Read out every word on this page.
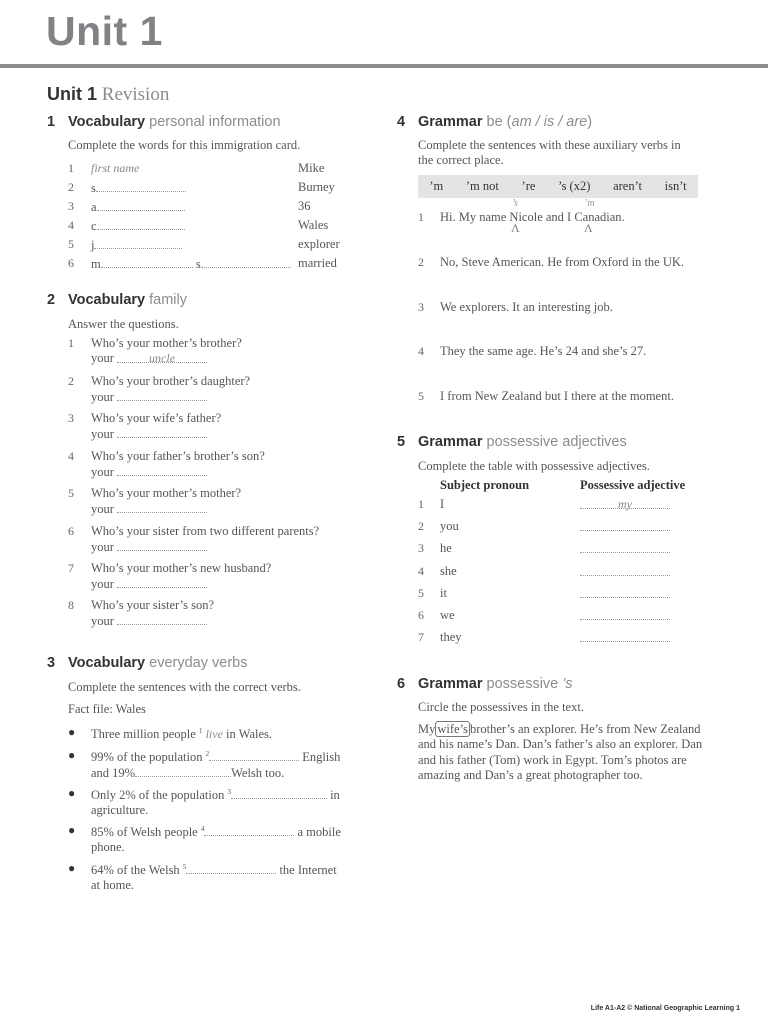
Unit 1
Unit 1 Revision
1 Vocabulary personal information
Complete the words for this immigration card.
1 first name	Mike
2 s	Burney
3 a	36
4 c	Wales
5 j	explorer
6 m	s	married
2 Vocabulary family
Answer the questions.
1 Who’s your mother’s brother?
your	uncle
2 Who’s your brother’s daughter?
your
3 Who’s your wife’s father?
your
4 Who’s your father’s brother’s son?
your
5 Who’s your mother’s mother?
your
6 Who’s your sister from two different parents?
your
7 Who’s your mother’s new husband?
your
8 Who’s your sister’s son?
your
3 Vocabulary everyday verbs
Complete the sentences with the correct verbs.
Fact file: Wales
● Three million people $^1$ live in Wales.
● 99% of the population $^2$	English
and 19%	Welsh too.
● Only 2% of the population $^3$	in
agriculture.
● 85% of Welsh people $^4$	a mobile
phone.
● 64% of the Welsh $^5$	the Internet
at home.
4 Grammar be (am / is / are)
Complete the sentences with these auxiliary verbs in
the correct place.
’m ’m not ’re ’s (x2) aren’t isn’t
’s	’m
1 Hi. My name Nicole and I Canadian.
Λ	Λ
2 No, Steve American. He from Oxford in the UK.
3 We explorers. It an interesting job.
4 They the same age. He’s 24 and she’s 27.
5 I from New Zealand but I there at the moment.
5 Grammar possessive adjectives
Complete the table with possessive adjectives.
Subject pronoun	Possessive adjective
1 I	my
2 you
3 he
4 she
5 it
6 we
7 they
6 Grammar possessive ’s
Circle the possessives in the text.
My wife’s brother’s an explorer. He’s from New Zealand and his name’s Dan. Dan’s father’s also an explorer. Dan and his father (Tom) work in Egypt. Tom’s photos are amazing and Dan’s a great photographer too.
Life A1-A2 © National Geographic Learning 1
